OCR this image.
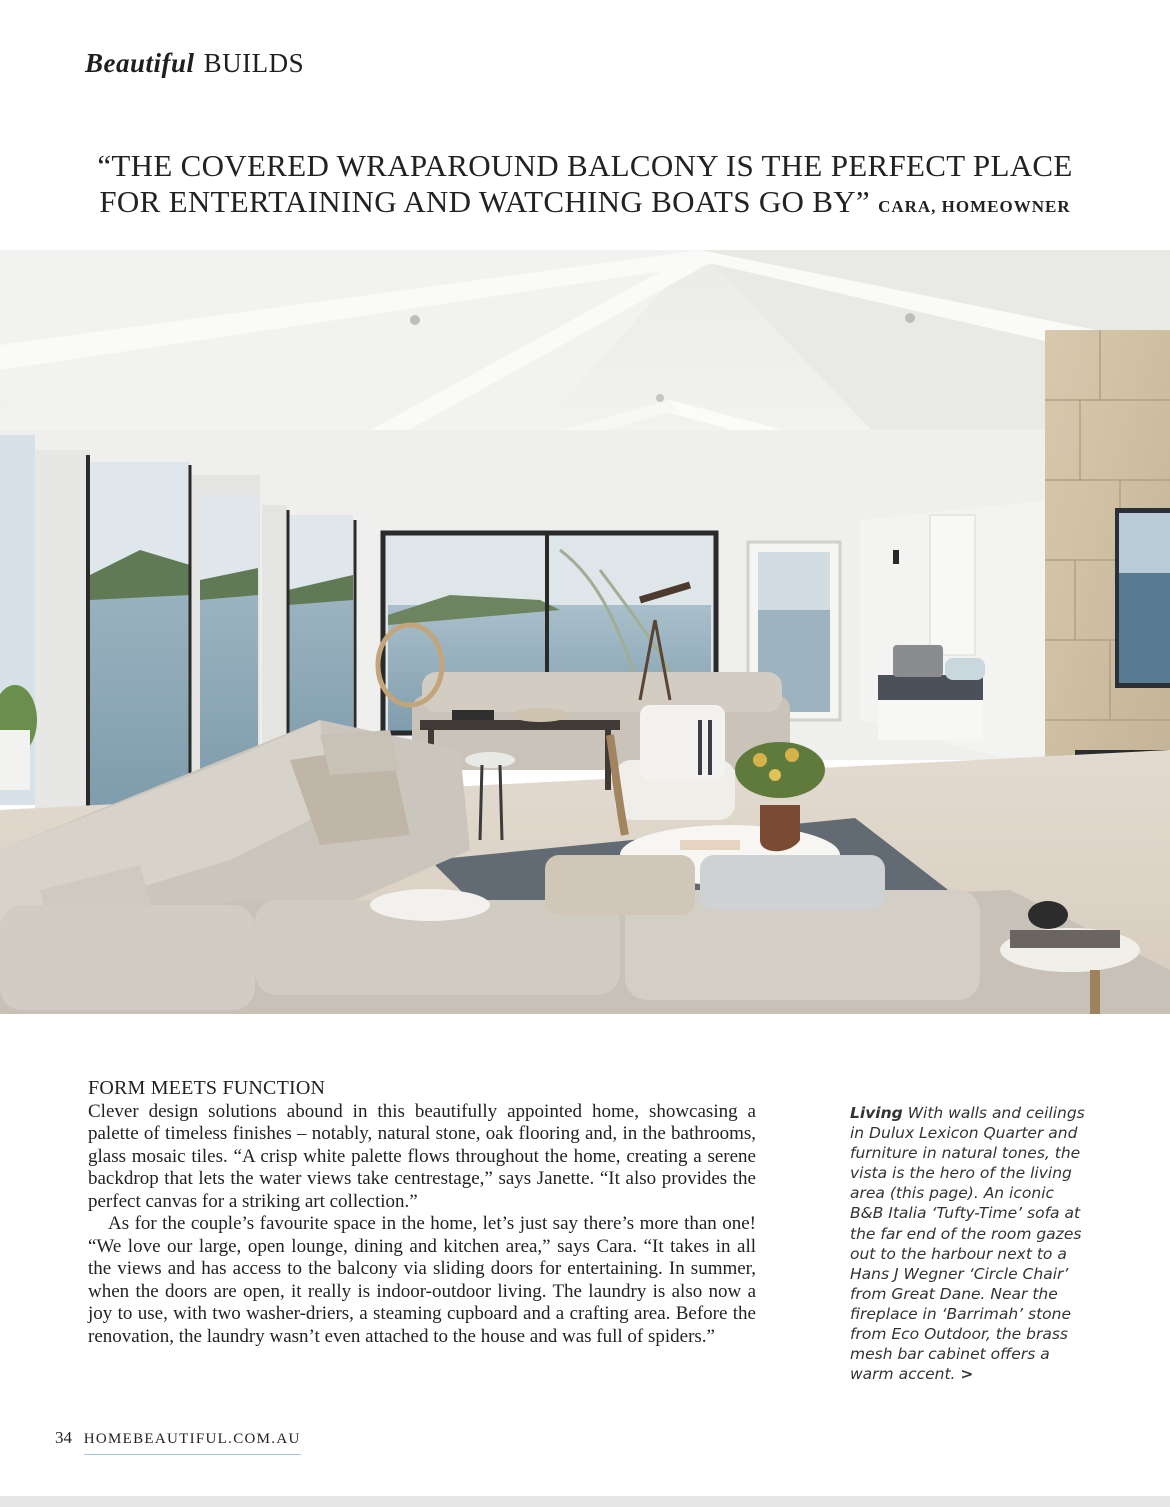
Beautiful BUILDS
“THE COVERED WRAPAROUND BALCONY IS THE PERFECT PLACE
FOR ENTERTAINING AND WATCHING BOATS GO BY” CARA, HOMEOWNER
FORM MEETS FUNCTION

Clever design solutions abound in this beautifully appointed home, showcasing a palette of timeless finishes – notably, natural stone, oak flooring and, in the bathrooms, glass mosaic tiles. “A crisp white palette flows throughout the home, creating a serene backdrop that lets the water views take centrestage,” says Janette. “It also provides the perfect canvas for a striking art collection.”

As for the couple’s favourite space in the home, let’s just say there’s more than one! “We love our large, open lounge, dining and kitchen area,” says Cara. “It takes in all the views and has access to the balcony via sliding doors for entertaining. In summer, when the doors are open, it really is indoor-outdoor living. The laundry is also now a joy to use, with two washer-driers, a steaming cupboard and a crafting area. Before the renovation, the laundry wasn’t even attached to the house and was full of spiders.”

Living With walls and ceilings in Dulux Lexicon Quarter and furniture in natural tones, the vista is the hero of the living area (this page). An iconic B&B Italia ‘Tufty-Time’ sofa at the far end of the room gazes out to the harbour next to a Hans J Wegner ‘Circle Chair’ from Great Dane. Near the fireplace in ‘Barrimah’ stone from Eco Outdoor, the brass mesh bar cabinet offers a warm accent. >
34 HOMEBEAUTIFUL.COM.AU
